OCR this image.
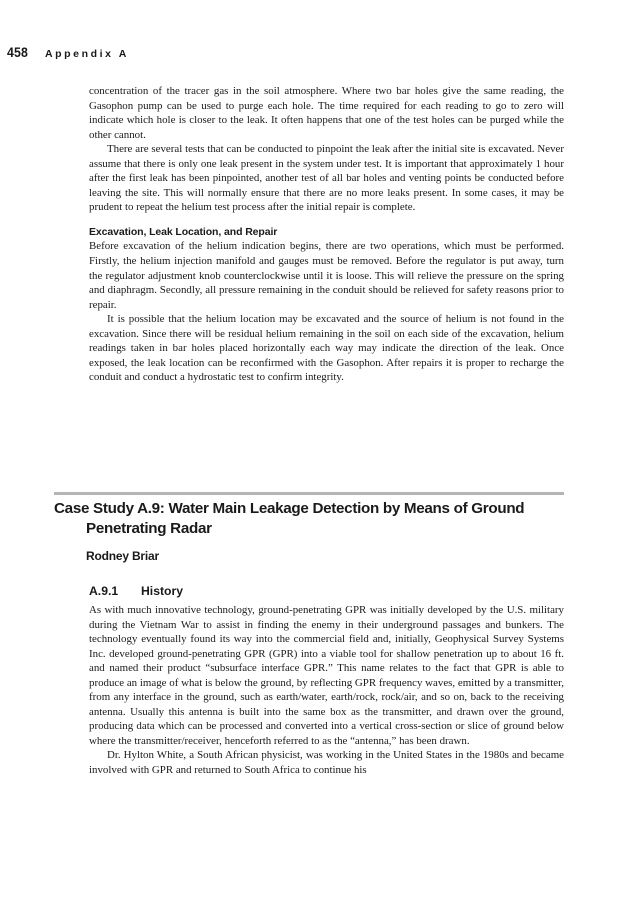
458 Appendix A

concentration of the tracer gas in the soil atmosphere. Where two bar holes give the same reading, the Gasophon pump can be used to purge each hole. The time required for each reading to go to zero will indicate which hole is closer to the leak. It often happens that one of the test holes can be purged while the other cannot.

There are several tests that can be conducted to pinpoint the leak after the initial site is excavated. Never assume that there is only one leak present in the system under test. It is important that approximately 1 hour after the first leak has been pinpointed, another test of all bar holes and venting points be conducted before leaving the site. This will normally ensure that there are no more leaks present. In some cases, it may be prudent to repeat the helium test process after the initial repair is complete.

Excavation, Leak Location, and Repair

Before excavation of the helium indication begins, there are two operations, which must be performed. Firstly, the helium injection manifold and gauges must be removed. Before the regulator is put away, turn the regulator adjustment knob counterclockwise until it is loose. This will relieve the pressure on the spring and diaphragm. Secondly, all pressure remaining in the conduit should be relieved for safety reasons prior to repair.

It is possible that the helium location may be excavated and the source of helium is not found in the excavation. Since there will be residual helium remaining in the soil on each side of the excavation, helium readings taken in bar holes placed horizontally each way may indicate the direction of the leak. Once exposed, the leak location can be reconfirmed with the Gasophon. After repairs it is proper to recharge the conduit and conduct a hydrostatic test to confirm integrity.

Case Study A.9: Water Main Leakage Detection by Means of Ground
Penetrating Radar
Rodney Briar
A.9.1 History

As with much innovative technology, ground-penetrating GPR was initially developed by the U.S. military during the Vietnam War to assist in finding the enemy in their underground passages and bunkers. The technology eventually found its way into the commercial field and, initially, Geophysical Survey Systems Inc. developed ground-penetrating GPR (GPR) into a viable tool for shallow penetration up to about 16 ft. and named their product “subsurface interface GPR.” This name relates to the fact that GPR is able to produce an image of what is below the ground, by reflecting GPR frequency waves, emitted by a transmitter, from any interface in the ground, such as earth/water, earth/rock, rock/air, and so on, back to the receiving antenna. Usually this antenna is built into the same box as the transmitter, and drawn over the ground, producing data which can be processed and converted into a vertical cross-section or slice of ground below where the transmitter/receiver, henceforth referred to as the “antenna,” has been drawn.

Dr. Hylton White, a South African physicist, was working in the United States in the 1980s and became involved with GPR and returned to South Africa to continue his
